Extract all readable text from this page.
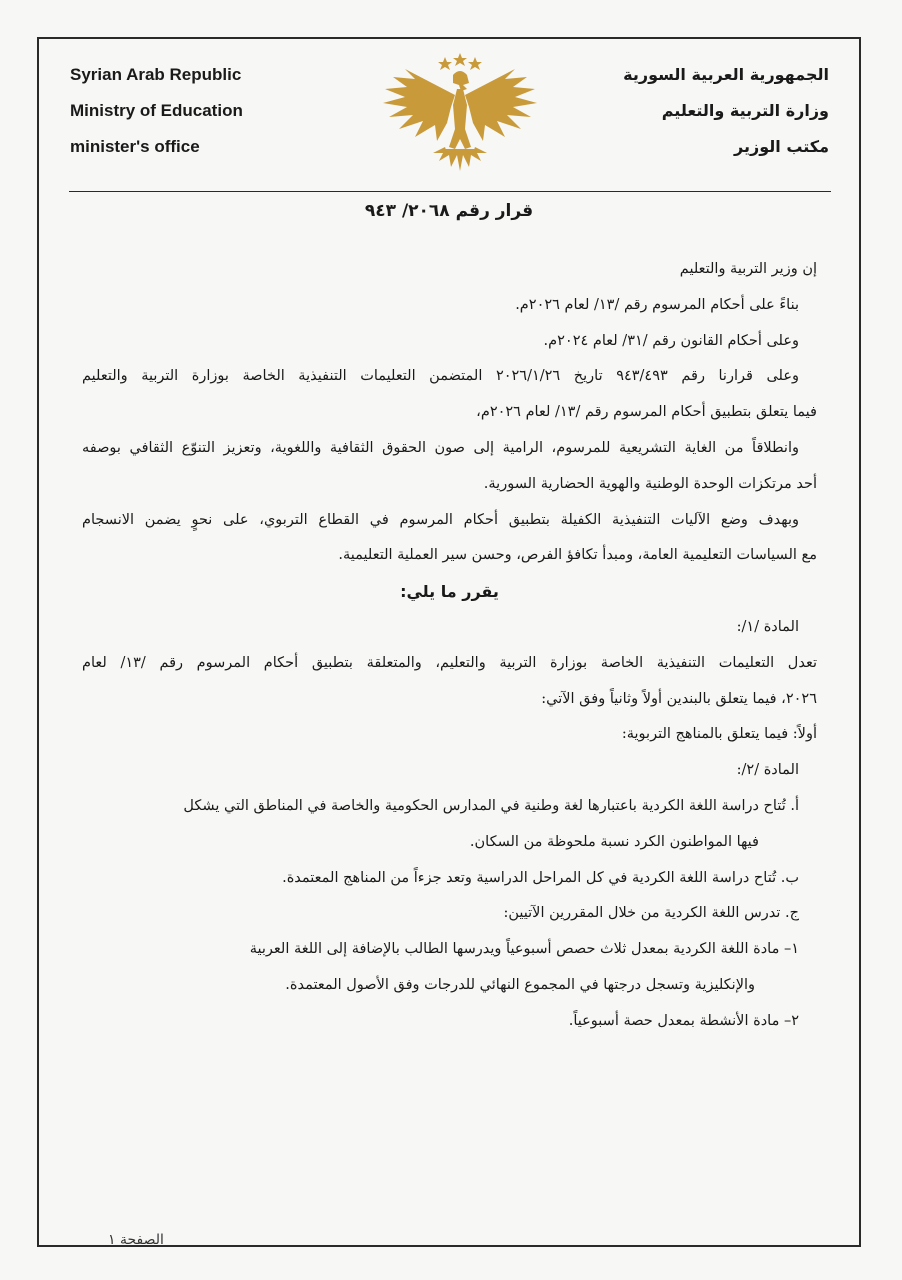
Syrian Arab Republic
Ministry of Education
minister's office
الجمهورية العربية السورية
وزارة التربية والتعليم
مكتب الوزير
قرار رقم ٢٠٦٨/ ٩٤٣
إن وزير التربية والتعليم
بناءً على أحكام المرسوم رقم /١٣/ لعام ٢٠٢٦م.
وعلى أحكام القانون رقم /٣١/ لعام ٢٠٢٤م.
وعلى قرارنا رقم ٩٤٣/٤٩٣ تاريخ ٢٠٢٦/١/٢٦ المتضمن التعليمات التنفيذية الخاصة بوزارة التربية والتعليم
فيما يتعلق بتطبيق أحكام المرسوم رقم /١٣/ لعام ٢٠٢٦م،
وانطلاقاً من الغاية التشريعية للمرسوم، الرامية إلى صون الحقوق الثقافية واللغوية، وتعزيز التنوّع الثقافي بوصفه
أحد مرتكزات الوحدة الوطنية والهوية الحضارية السورية.
وبهدف وضع الآليات التنفيذية الكفيلة بتطبيق أحكام المرسوم في القطاع التربوي، على نحوٍ يضمن الانسجام
مع السياسات التعليمية العامة، ومبدأ تكافؤ الفرص، وحسن سير العملية التعليمية.
يقرر ما يلي:
المادة /١/:
تعدل التعليمات التنفيذية الخاصة بوزارة التربية والتعليم، والمتعلقة بتطبيق أحكام المرسوم رقم /١٣/ لعام
٢٠٢٦، فيما يتعلق بالبندين أولاً وثانياً وفق الآتي:
أولاً: فيما يتعلق بالمناهج التربوية:
المادة /٢/:
أ. تُتاح دراسة اللغة الكردية باعتبارها لغة وطنية في المدارس الحكومية والخاصة في المناطق التي يشكل
فيها المواطنون الكرد نسبة ملحوظة من السكان.
ب. تُتاح دراسة اللغة الكردية في كل المراحل الدراسية وتعد جزءاً من المناهج المعتمدة.
ج. تدرس اللغة الكردية من خلال المقررين الآتيين:
١– مادة اللغة الكردية بمعدل ثلاث حصص أسبوعياً ويدرسها الطالب بالإضافة إلى اللغة العربية
والإنكليزية وتسجل درجتها في المجموع النهائي للدرجات وفق الأصول المعتمدة.
٢– مادة الأنشطة بمعدل حصة أسبوعياً.
الصفحة ١
